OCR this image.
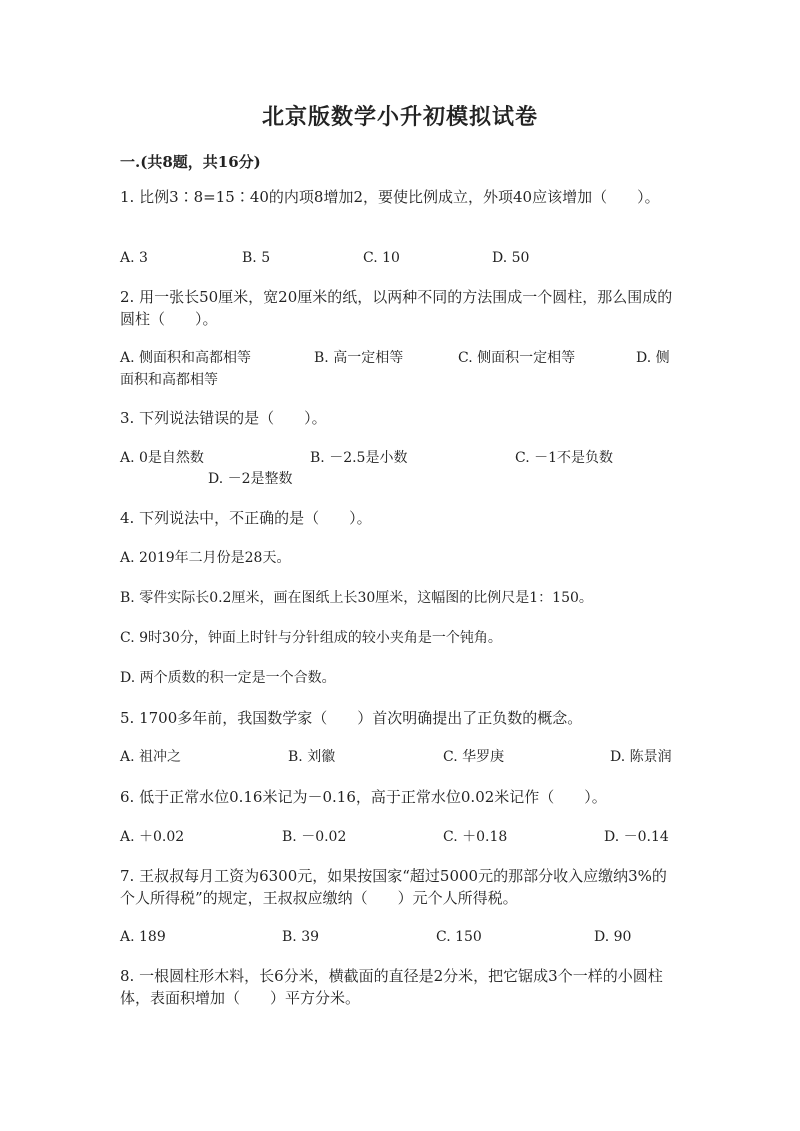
北京版数学小升初模拟试卷
一.(共8题，共16分)
1. 比例3∶8=15∶40的内项8增加2，要使比例成立，外项40应该增加（　　）。
A. 3	B. 5	C. 10	D. 50
2. 用一张长50厘米，宽20厘米的纸，以两种不同的方法围成一个圆柱，那么围成的圆柱（　　）。
A. 侧面积和高都相等	B. 高一定相等	C. 侧面积一定相等	D. 侧面积和高都相等
3. 下列说法错误的是（　　）。
A. 0是自然数	B. －2.5是小数	C. －1不是负数
D. －2是整数
4. 下列说法中，不正确的是（　　）。
A. 2019年二月份是28天。
B. 零件实际长0.2厘米，画在图纸上长30厘米，这幅图的比例尺是1：150。
C. 9时30分，钟面上时针与分针组成的较小夹角是一个钝角。
D. 两个质数的积一定是一个合数。
5. 1700多年前，我国数学家（　　）首次明确提出了正负数的概念。
A. 祖冲之	B. 刘徽	C. 华罗庚	D. 陈景润
6. 低于正常水位0.16米记为－0.16，高于正常水位0.02米记作（　　）。
A. ＋0.02	B. －0.02	C. ＋0.18	D. －0.14
7. 王叔叔每月工资为6300元，如果按国家“超过5000元的那部分收入应缴纳3%的个人所得税”的规定，王叔叔应缴纳（　　）元个人所得税。
A. 189	B. 39	C. 150	D. 90
8. 一根圆柱形木料，长6分米，横截面的直径是2分米，把它锯成3个一样的小圆柱体，表面积增加（　　）平方分米。
